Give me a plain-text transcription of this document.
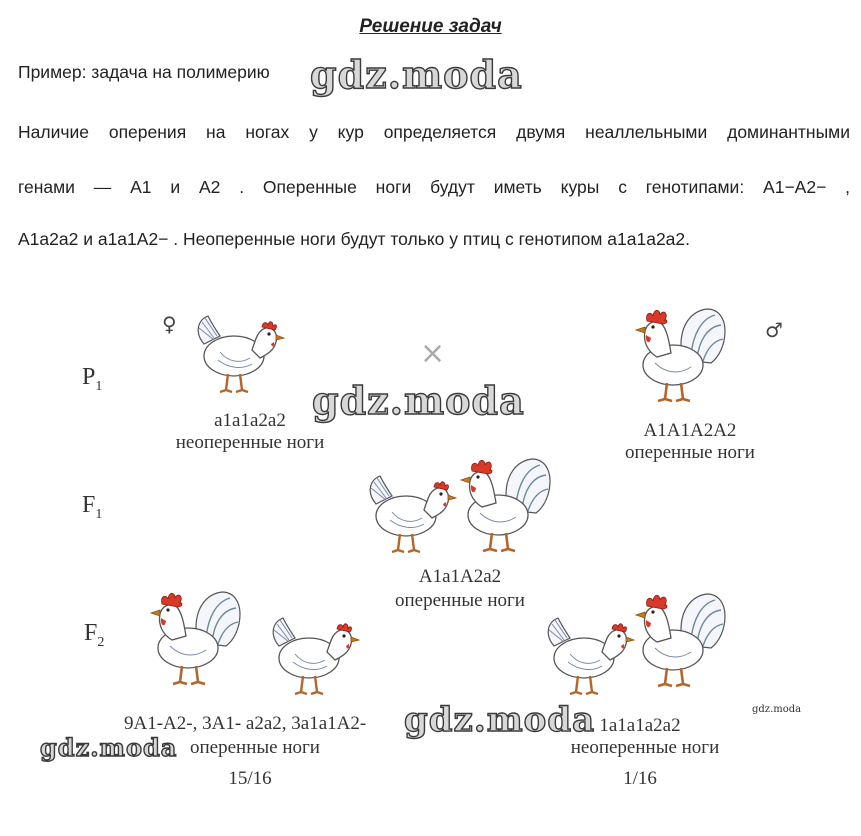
Решение задач
Пример: задача на полимерию gdz.moda
Наличие оперения на ногах у кур определяется двумя неаллельными доминантными
генами — A1 и A2 . Оперенные ноги будут иметь куры с генотипами: A1−A2− ,
A1a2a2 и a1a1A2− . Неоперенные ноги будут только у птиц с генотипом a1a1a2a2.
$P_1$
$F_1$
$F_2$
♀
×
♂
a1a1a2a2
неоперенные ноги
gdz.moda
A1A1A2A2
оперенные ноги
A1a1A2a2
оперенные ноги
9A1-A2-, 3A1- a2a2, 3a1a1A2-
оперенные ноги
15/16
gdz.moda
gdz.moda
gdz.moda
1a1a1a2a2
неоперенные ноги
1/16
